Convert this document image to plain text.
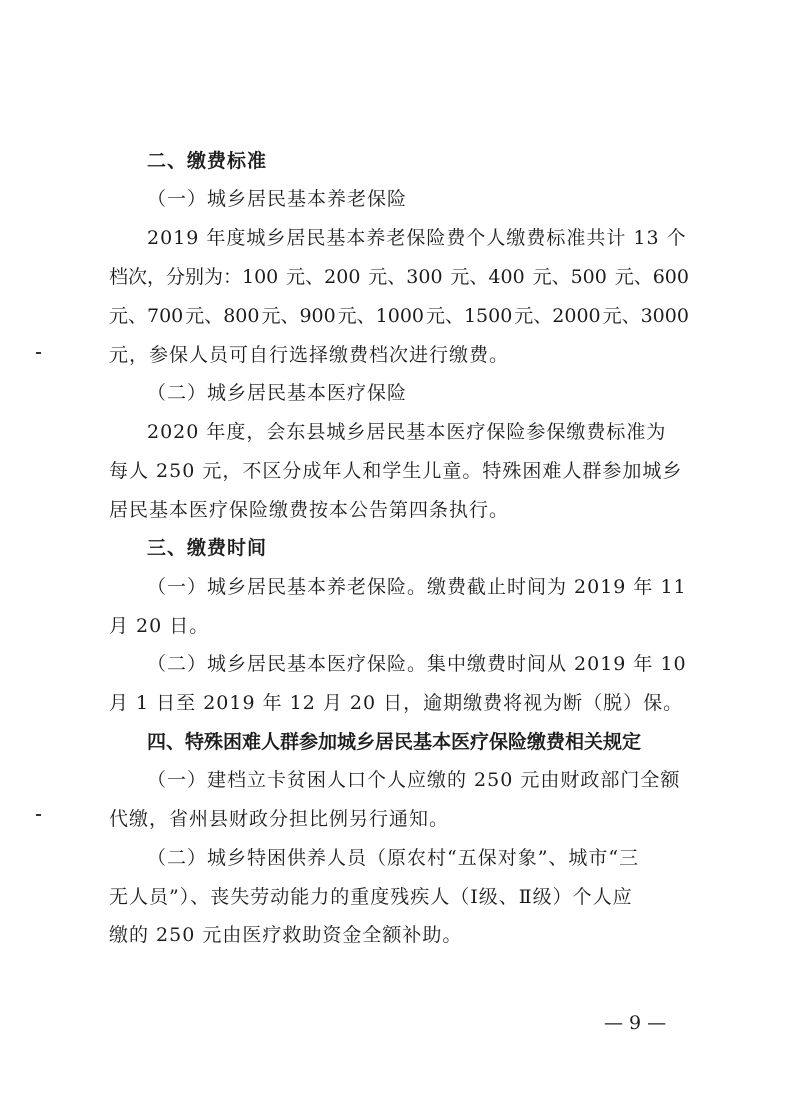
二、缴费标准
（一）城乡居民基本养老保险
2019 年度城乡居民基本养老保险费个人缴费标准共计 13 个
档次，分别为：100 元、200 元、300 元、400 元、500 元、600
元、700 元、800 元、900 元、1000 元、1500 元、2000 元、3000
元，参保人员可自行选择缴费档次进行缴费。
（二）城乡居民基本医疗保险
2020 年度，会东县城乡居民基本医疗保险参保缴费标准为
每人 250 元，不区分成年人和学生儿童。特殊困难人群参加城乡
居民基本医疗保险缴费按本公告第四条执行。
三、缴费时间
（一）城乡居民基本养老保险。缴费截止时间为 2019 年 11
月 20 日。
（二）城乡居民基本医疗保险。集中缴费时间从 2019 年 10
月 1 日至 2019 年 12 月 20 日，逾期缴费将视为断（脱）保。
四、特殊困难人群参加城乡居民基本医疗保险缴费相关规定
（一）建档立卡贫困人口个人应缴的 250 元由财政部门全额
代缴，省州县财政分担比例另行通知。
（二）城乡特困供养人员（原农村“五保对象”、城市“三
无人员”）、丧失劳动能力的重度残疾人（Ⅰ级、Ⅱ级）个人应
缴的 250 元由医疗救助资金全额补助。
— 9 —
